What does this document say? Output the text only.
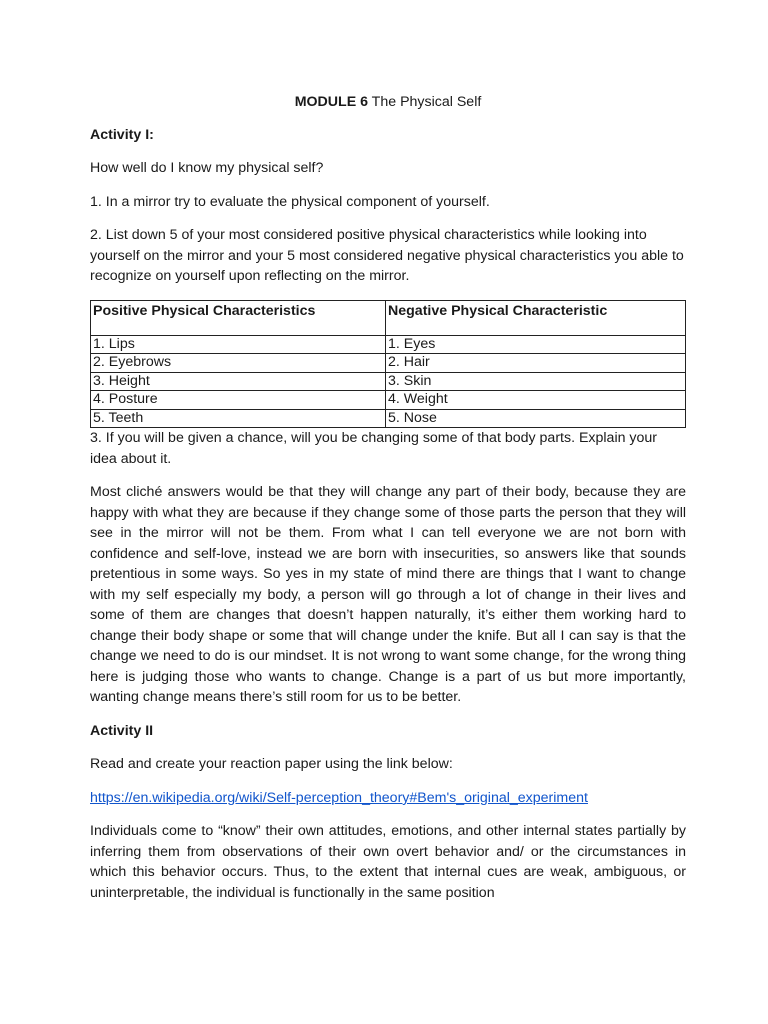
MODULE 6 The Physical Self

Activity I:

How well do I know my physical self?

1. In a mirror try to evaluate the physical component of yourself.

2. List down 5 of your most considered positive physical characteristics while looking into yourself on the mirror and your 5 most considered negative physical characteristics you able to recognize on yourself upon reflecting on the mirror.

Positive Physical Characteristics	Negative Physical Characteristic
1. Lips	1. Eyes
2. Eyebrows	2. Hair
3. Height	3. Skin
4. Posture	4. Weight
5. Teeth	5. Nose

3. If you will be given a chance, will you be changing some of that body parts. Explain your idea about it.

Most cliché answers would be that they will change any part of their body, because they are happy with what they are because if they change some of those parts the person that they will see in the mirror will not be them. From what I can tell everyone we are not born with confidence and self-love, instead we are born with insecurities, so answers like that sounds pretentious in some ways. So yes in my state of mind there are things that I want to change with my self especially my body, a person will go through a lot of change in their lives and some of them are changes that doesn’t happen naturally, it’s either them working hard to change their body shape or some that will change under the knife. But all I can say is that the change we need to do is our mindset. It is not wrong to want some change, for the wrong thing here is judging those who wants to change. Change is a part of us but more importantly, wanting change means there’s still room for us to be better.

Activity II

Read and create your reaction paper using the link below:

https://en.wikipedia.org/wiki/Self-perception_theory#Bem's_original_experiment

Individuals come to “know” their own attitudes, emotions, and other internal states partially by inferring them from observations of their own overt behavior and/ or the circumstances in which this behavior occurs. Thus, to the extent that internal cues are weak, ambiguous, or uninterpretable, the individual is functionally in the same position
